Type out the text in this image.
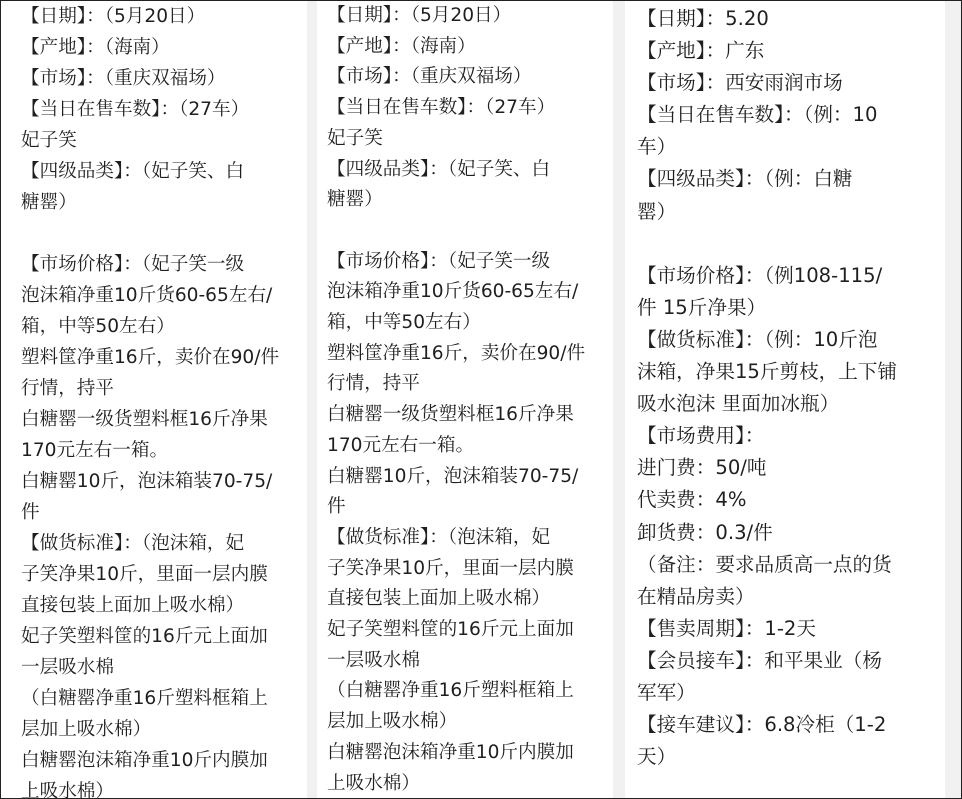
【日期】：（5月20日）

【产地】：（海南）

【市场】：（重庆双福场）

【当日在售车数】：（27车）

妃子笑

【四级品类】：（妃子笑、白

糖罂）

【市场价格】：（妃子笑一级

泡沫箱净重10斤货60-65左右/

箱，中等50左右）

塑料筐净重16斤，卖价在90/件

行情，持平

白糖罂一级货塑料框16斤净果

170元左右一箱。

白糖罂10斤，泡沫箱装70-75/

件

【做货标准】：（泡沫箱，妃

子笑净果10斤，里面一层内膜

直接包装上面加上吸水棉）

妃子笑塑料筐的16斤元上面加

一层吸水棉

（白糖罂净重16斤塑料框箱上

层加上吸水棉）

白糖罂泡沫箱净重10斤内膜加

上吸水棉）

【日期】：（5月20日）

【产地】：（海南）

【市场】：（重庆双福场）

【当日在售车数】：（27车）

妃子笑

【四级品类】：（妃子笑、白

糖罂）

【市场价格】：（妃子笑一级

泡沫箱净重10斤货60-65左右/

箱，中等50左右）

塑料筐净重16斤，卖价在90/件

行情，持平

白糖罂一级货塑料框16斤净果

170元左右一箱。

白糖罂10斤，泡沫箱装70-75/

件

【做货标准】：（泡沫箱，妃

子笑净果10斤，里面一层内膜

直接包装上面加上吸水棉）

妃子笑塑料筐的16斤元上面加

一层吸水棉

（白糖罂净重16斤塑料框箱上

层加上吸水棉）

白糖罂泡沫箱净重10斤内膜加

上吸水棉）

【日期】：5.20

【产地】：广东

【市场】：西安雨润市场

【当日在售车数】：（例：10

车）

【四级品类】：（例：白糖

罂）

【市场价格】：（例108-115/

件 15斤净果）

【做货标准】：（例：10斤泡

沫箱，净果15斤剪枝，上下铺

吸水泡沫 里面加冰瓶）

【市场费用】：

进门费：50/吨

代卖费：4%

卸货费：0.3/件

（备注：要求品质高一点的货

在精品房卖）

【售卖周期】：1-2天

【会员接车】：和平果业（杨

军军）

【接车建议】：6.8冷柜（1-2

天）
